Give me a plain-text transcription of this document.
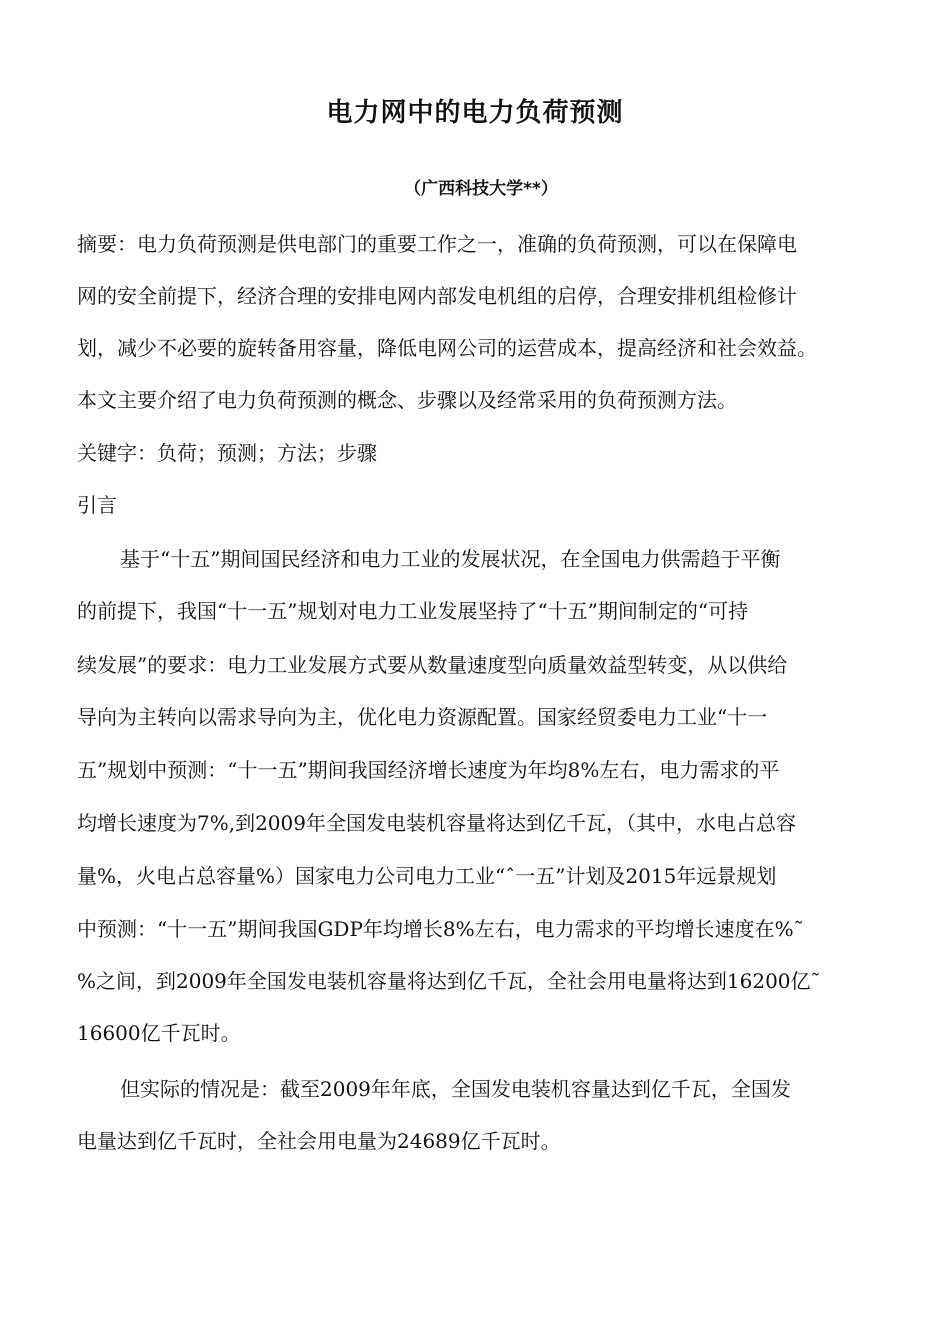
电力网中的电力负荷预测
（广西科技大学**）
摘要：电力负荷预测是供电部门的重要工作之一，准确的负荷预测，可以在保障电
网的安全前提下，经济合理的安排电网内部发电机组的启停，合理安排机组检修计
划，减少不必要的旋转备用容量，降低电网公司的运营成本，提高经济和社会效益。
本文主要介绍了电力负荷预测的概念、步骤以及经常采用的负荷预测方法。
关键字：负荷；预测；方法；步骤
引言
基于“十五”期间国民经济和电力工业的发展状况，在全国电力供需趋于平衡
的前提下，我国“十一五”规划对电力工业发展坚持了“十五”期间制定的“可持
续发展”的要求：电力工业发展方式要从数量速度型向质量效益型转变，从以供给
导向为主转向以需求导向为主，优化电力资源配置。国家经贸委电力工业“十一
五”规划中预测：“十一五”期间我国经济增长速度为年均8%左右，电力需求的平
均增长速度为7%,到2009年全国发电装机容量将达到亿千瓦，（其中，水电占总容
量%，火电占总容量%）国家电力公司电力工业“ˆ一五”计划及2015年远景规划
中预测：“十一五”期间我国GDP年均增长8%左右，电力需求的平均增长速度在%˜
%之间，到2009年全国发电装机容量将达到亿千瓦，全社会用电量将达到16200亿˜
16600亿千瓦时。
但实际的情况是：截至2009年年底，全国发电装机容量达到亿千瓦，全国发
电量达到亿千瓦时，全社会用电量为24689亿千瓦时。
